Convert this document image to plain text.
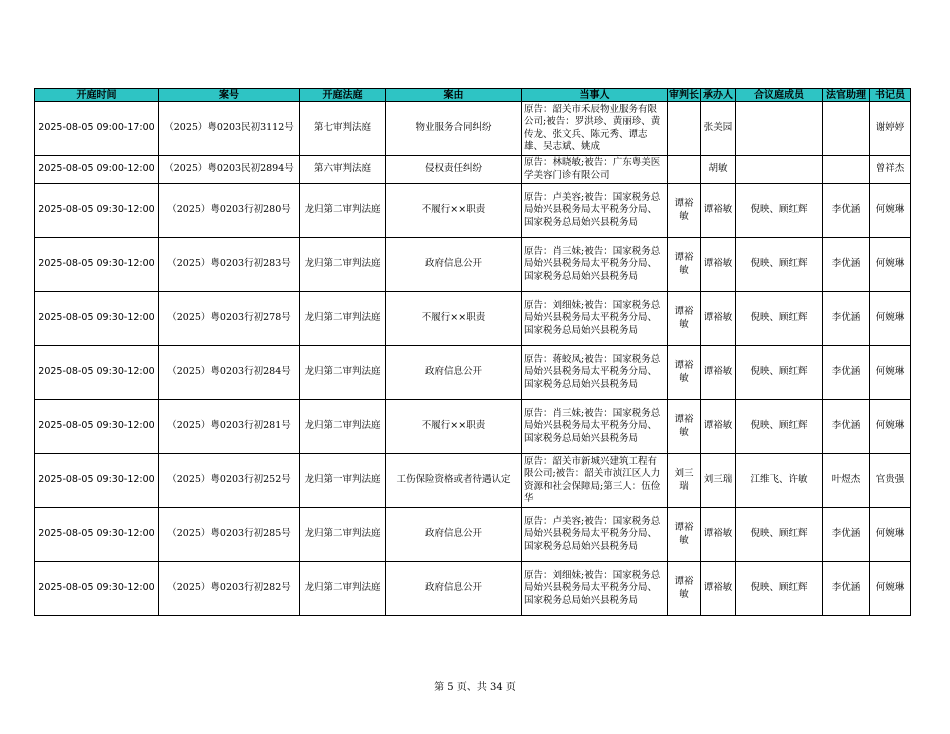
开庭时间	案号	开庭法庭	案由	当事人	审判长	承办人	合议庭成员	法官助理	书记员
2025-08-05 09:00-17:00	（2025）粤0203民初3112号	第七审判法庭	物业服务合同纠纷	原告：韶关市禾辰物业服务有限公司;被告：罗洪珍、黄丽珍、黄传龙、张文兵、陈元秀、谭志雄、吴志斌、姚成		张美园			谢婷婷
2025-08-05 09:00-12:00	（2025）粤0203民初2894号	第六审判法庭	侵权责任纠纷	原告：林晓敏;被告：广东粤美医学美容门诊有限公司		胡敏			曾祥杰
2025-08-05 09:30-12:00	（2025）粤0203行初280号	龙归第二审判法庭	不履行××职责	原告：卢美容;被告：国家税务总局始兴县税务局太平税务分局、国家税务总局始兴县税务局	谭裕敏	谭裕敏	倪映、顾红辉	李优涵	何婉琳
2025-08-05 09:30-12:00	（2025）粤0203行初283号	龙归第二审判法庭	政府信息公开	原告：肖三妹;被告：国家税务总局始兴县税务局太平税务分局、国家税务总局始兴县税务局	谭裕敏	谭裕敏	倪映、顾红辉	李优涵	何婉琳
2025-08-05 09:30-12:00	（2025）粤0203行初278号	龙归第二审判法庭	不履行××职责	原告：刘细妹;被告：国家税务总局始兴县税务局太平税务分局、国家税务总局始兴县税务局	谭裕敏	谭裕敏	倪映、顾红辉	李优涵	何婉琳
2025-08-05 09:30-12:00	（2025）粤0203行初284号	龙归第二审判法庭	政府信息公开	原告：蒋蛟凤;被告：国家税务总局始兴县税务局太平税务分局、国家税务总局始兴县税务局	谭裕敏	谭裕敏	倪映、顾红辉	李优涵	何婉琳
2025-08-05 09:30-12:00	（2025）粤0203行初281号	龙归第二审判法庭	不履行××职责	原告：肖三妹;被告：国家税务总局始兴县税务局太平税务分局、国家税务总局始兴县税务局	谭裕敏	谭裕敏	倪映、顾红辉	李优涵	何婉琳
2025-08-05 09:30-12:00	（2025）粤0203行初252号	龙归第一审判法庭	工伤保险资格或者待遇认定	原告：韶关市新城兴建筑工程有限公司;被告：韶关市浈江区人力资源和社会保障局;第三人：伍俭华	刘三瑞	刘三瑞	江维飞、许敏	叶煜杰	官贵强
2025-08-05 09:30-12:00	（2025）粤0203行初285号	龙归第二审判法庭	政府信息公开	原告：卢美容;被告：国家税务总局始兴县税务局太平税务分局、国家税务总局始兴县税务局	谭裕敏	谭裕敏	倪映、顾红辉	李优涵	何婉琳
2025-08-05 09:30-12:00	（2025）粤0203行初282号	龙归第二审判法庭	政府信息公开	原告：刘细妹;被告：国家税务总局始兴县税务局太平税务分局、国家税务总局始兴县税务局	谭裕敏	谭裕敏	倪映、顾红辉	李优涵	何婉琳
第 5 页、共 34 页
